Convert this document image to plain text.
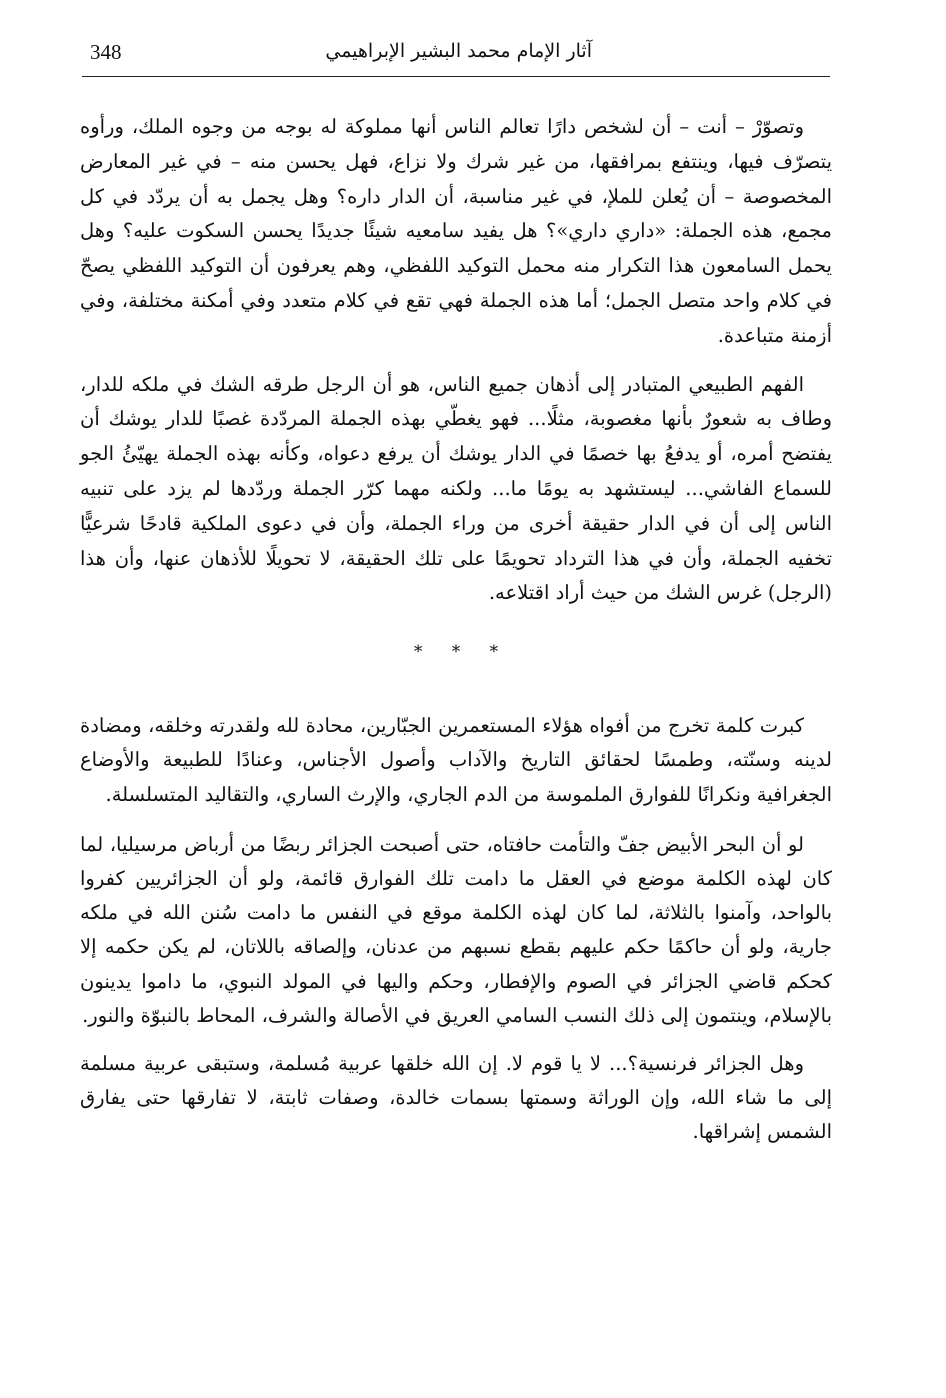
348	آثار الإمام محمد البشير الإبراهيمي

وتصوّرْ – أنت – أن لشخص دارًا تعالم الناس أنها مملوكة له بوجه من وجوه الملك، ورأوه يتصرّف فيها، وينتفع بمرافقها، من غير شرك ولا نزاع، فهل يحسن منه – في غير المعارض المخصوصة – أن يُعلن للملإ، في غير مناسبة، أن الدار داره؟ وهل يجمل به أن يردّد في كل مجمع، هذه الجملة: «داري داري»؟ هل يفيد سامعيه شيئًا جديدًا يحسن السكوت عليه؟ وهل يحمل السامعون هذا التكرار منه محمل التوكيد اللفظي، وهم يعرفون أن التوكيد اللفظي يصحّ في كلام واحد متصل الجمل؛ أما هذه الجملة فهي تقع في كلام متعدد وفي أمكنة مختلفة، وفي أزمنة متباعدة.

الفهم الطبيعي المتبادر إلى أذهان جميع الناس، هو أن الرجل طرقه الشك في ملكه للدار، وطاف به شعورٌ بأنها مغصوبة، مثلًا... فهو يغطّي بهذه الجملة المردّدة غصبًا للدار يوشك أن يفتضح أمره، أو يدفعُ بها خصمًا في الدار يوشك أن يرفع دعواه، وكأنه بهذه الجملة يهيّئُ الجو للسماع الفاشي... ليستشهد به يومًا ما... ولكنه مهما كرّر الجملة وردّدها لم يزد على تنبيه الناس إلى أن في الدار حقيقة أخرى من وراء الجملة، وأن في دعوى الملكية قادحًا شرعيًّا تخفيه الجملة، وأن في هذا الترداد تحويمًا على تلك الحقيقة، لا تحويلًا للأذهان عنها، وأن هذا (الرجل) غرس الشك من حيث أراد اقتلاعه.

* * *

كبرت كلمة تخرج من أفواه هؤلاء المستعمرين الجبّارين، محادة لله ولقدرته وخلقه، ومضادة لدينه وسنّته، وطمسًا لحقائق التاريخ والآداب وأصول الأجناس، وعنادًا للطبيعة والأوضاع الجغرافية ونكرانًا للفوارق الملموسة من الدم الجاري، والإرث الساري، والتقاليد المتسلسلة.

لو أن البحر الأبيض جفّ والتأمت حافتاه، حتى أصبحت الجزائر ربضًا من أرباض مرسيليا، لما كان لهذه الكلمة موضع في العقل ما دامت تلك الفوارق قائمة، ولو أن الجزائريين كفروا بالواحد، وآمنوا بالثلاثة، لما كان لهذه الكلمة موقع في النفس ما دامت سُنن الله في ملكه جارية، ولو أن حاكمًا حكم عليهم بقطع نسبهم من عدنان، وإلصاقه باللاتان، لم يكن حكمه إلا كحكم قاضي الجزائر في الصوم والإفطار، وحكم واليها في المولد النبوي، ما داموا يدينون بالإسلام، وينتمون إلى ذلك النسب السامي العريق في الأصالة والشرف، المحاط بالنبوّة والنور.

وهل الجزائر فرنسية؟... لا يا قوم لا. إن الله خلقها عربية مُسلمة، وستبقى عربية مسلمة إلى ما شاء الله، وإن الوراثة وسمتها بسمات خالدة، وصفات ثابتة، لا تفارقها حتى يفارق الشمس إشراقها.
